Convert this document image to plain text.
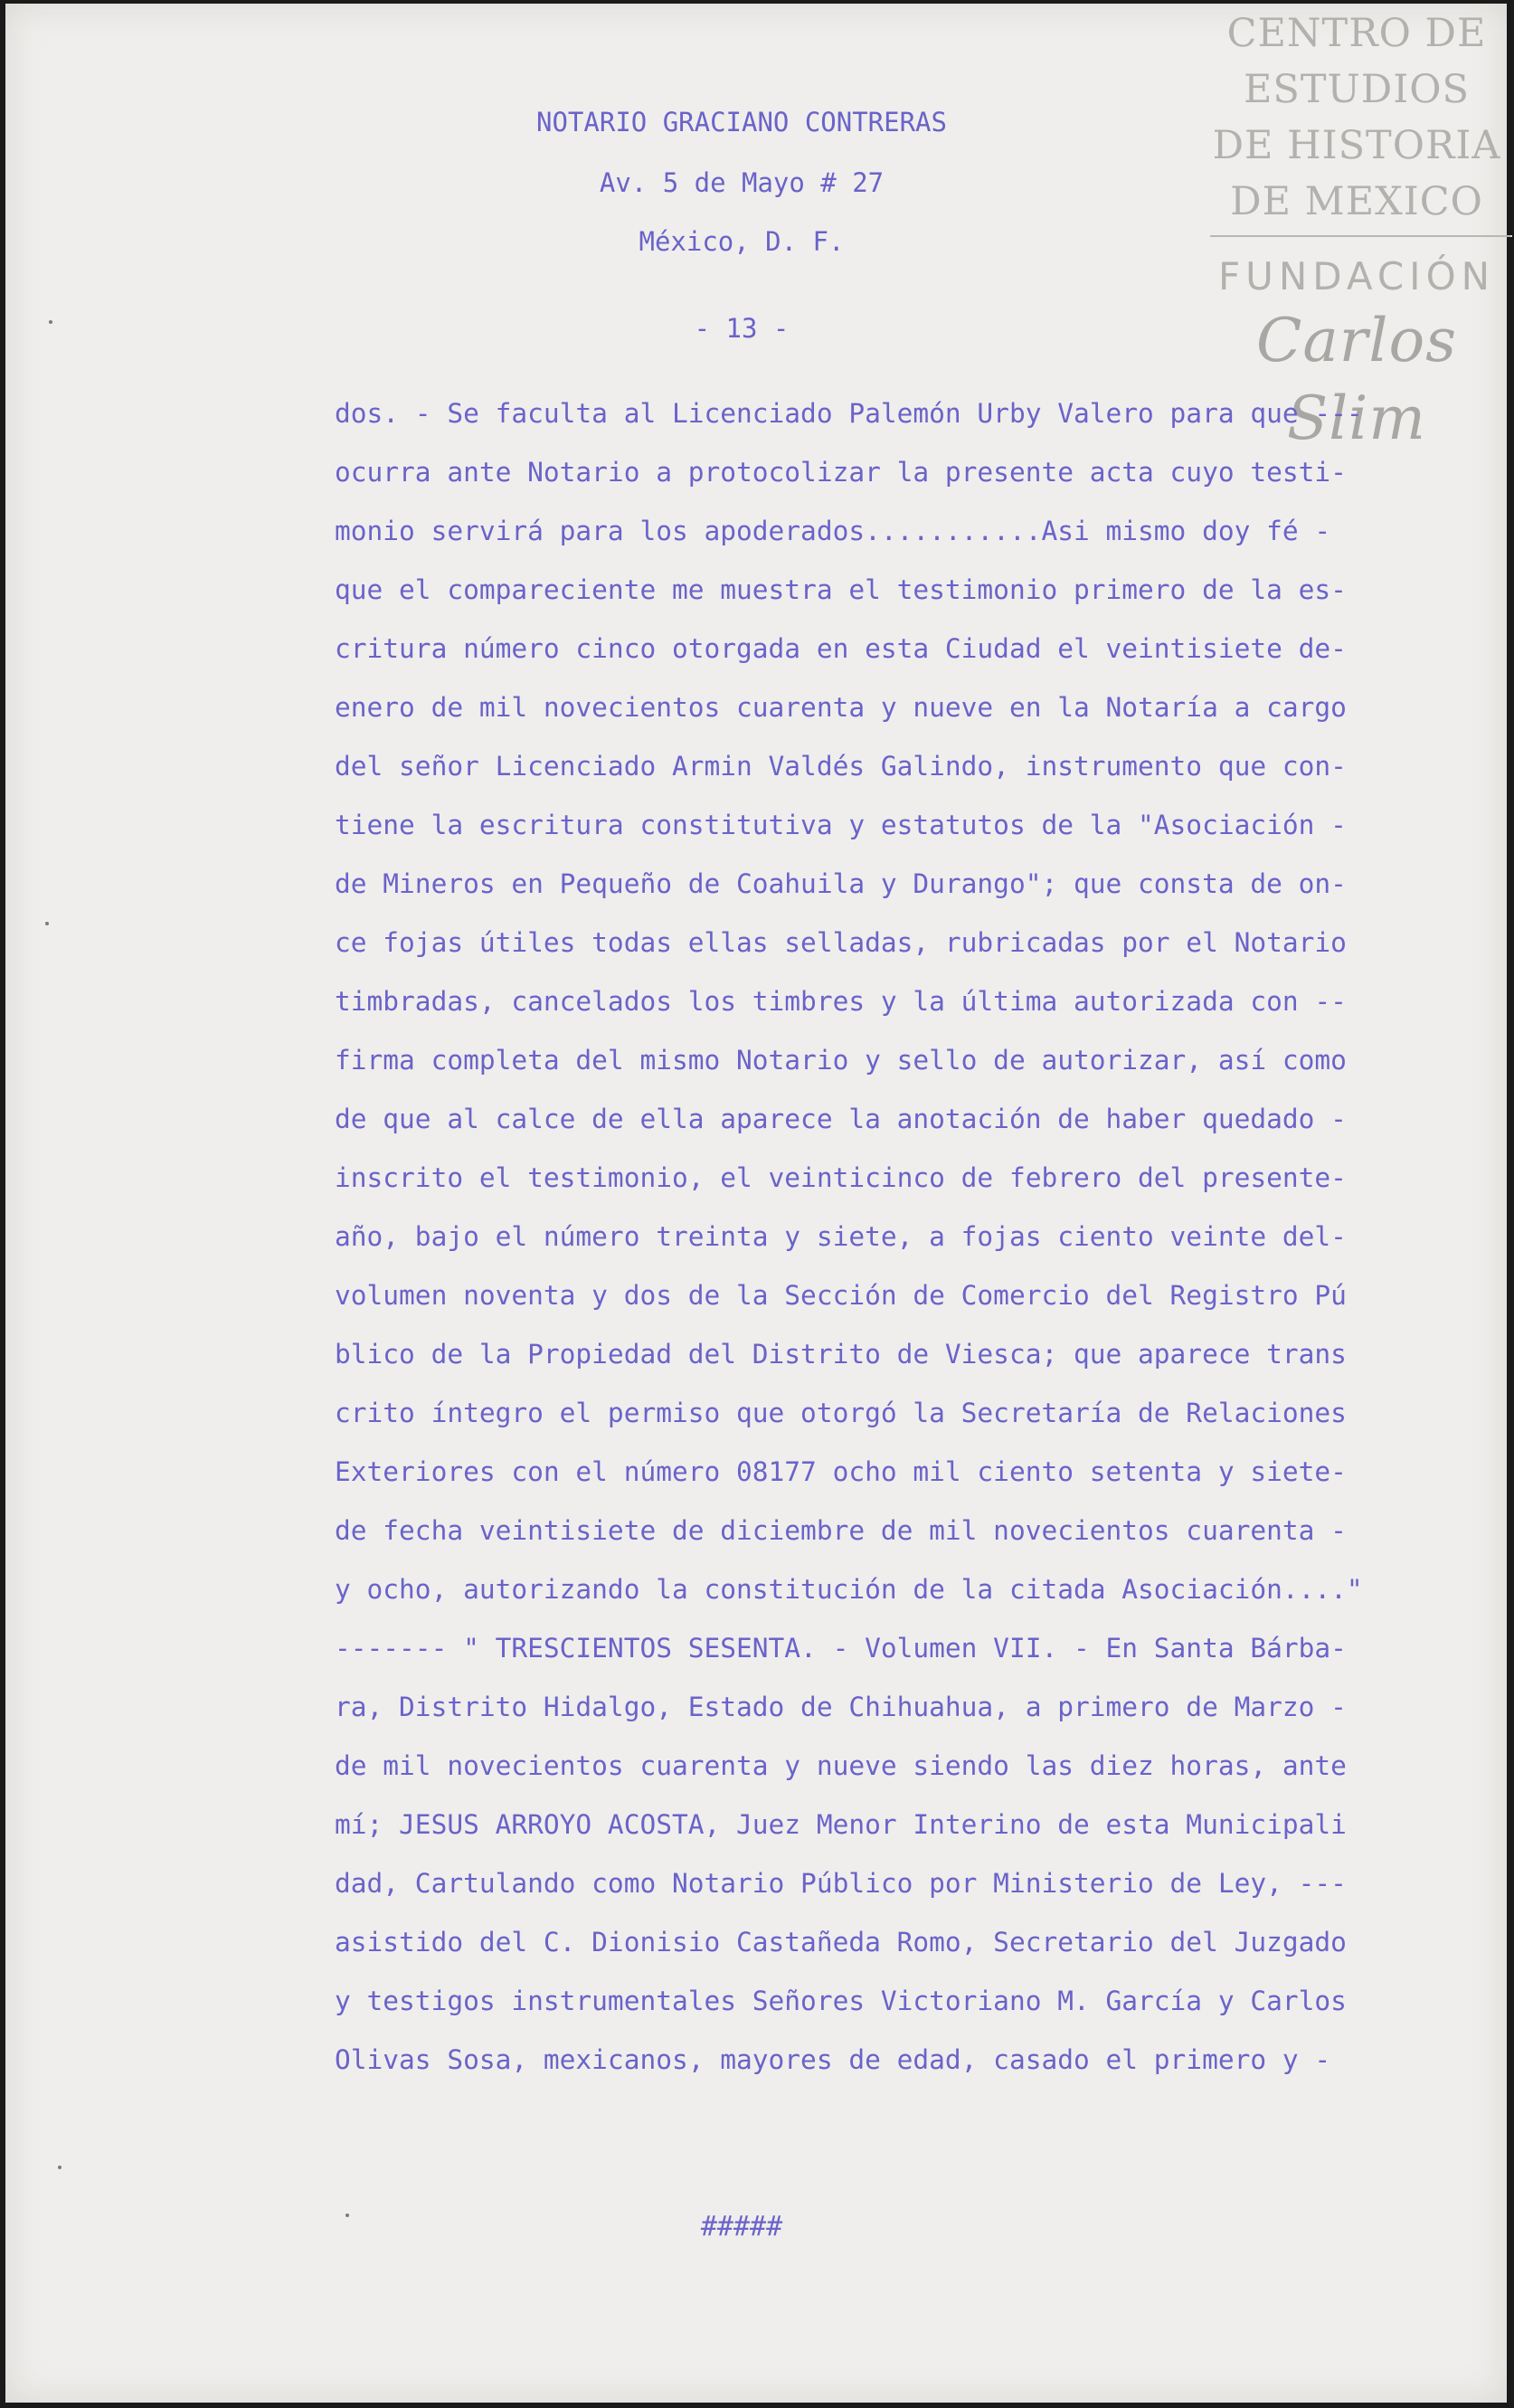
CENTRO DE
ESTUDIOS
DE HISTORIA
DE MEXICO
FUNDACIÓN
Carlos Slim
NOTARIO GRACIANO CONTRERAS
Av. 5 de Mayo # 27
México, D. F.
- 13 -
dos. - Se faculta al Licenciado Palemón Urby Valero para que ---
ocurra ante Notario a protocolizar la presente acta cuyo testi-
monio servirá para los apoderados...........Asi mismo doy fé -
que el compareciente me muestra el testimonio primero de la es-
critura número cinco otorgada en esta Ciudad el veintisiete de-
enero de mil novecientos cuarenta y nueve en la Notaría a cargo
del señor Licenciado Armin Valdés Galindo, instrumento que con-
tiene la escritura constitutiva y estatutos de la "Asociación -
de Mineros en Pequeño de Coahuila y Durango"; que consta de on-
ce fojas útiles todas ellas selladas, rubricadas por el Notario
timbradas, cancelados los timbres y la última autorizada con --
firma completa del mismo Notario y sello de autorizar, así como
de que al calce de ella aparece la anotación de haber quedado -
inscrito el testimonio, el veinticinco de febrero del presente-
año, bajo el número treinta y siete, a fojas ciento veinte del-
volumen noventa y dos de la Sección de Comercio del Registro Pú
blico de la Propiedad del Distrito de Viesca; que aparece trans
crito íntegro el permiso que otorgó la Secretaría de Relaciones
Exteriores con el número 08177 ocho mil ciento setenta y siete-
de fecha veintisiete de diciembre de mil novecientos cuarenta -
y ocho, autorizando la constitución de la citada Asociación...."
------- " TRESCIENTOS SESENTA. - Volumen VII. - En Santa Bárba-
ra, Distrito Hidalgo, Estado de Chihuahua, a primero de Marzo -
de mil novecientos cuarenta y nueve siendo las diez horas, ante
mí; JESUS ARROYO ACOSTA, Juez Menor Interino de esta Municipali
dad, Cartulando como Notario Público por Ministerio de Ley, ---
asistido del C. Dionisio Castañeda Romo, Secretario del Juzgado
y testigos instrumentales Señores Victoriano M. García y Carlos
Olivas Sosa, mexicanos, mayores de edad, casado el primero y -
#####
